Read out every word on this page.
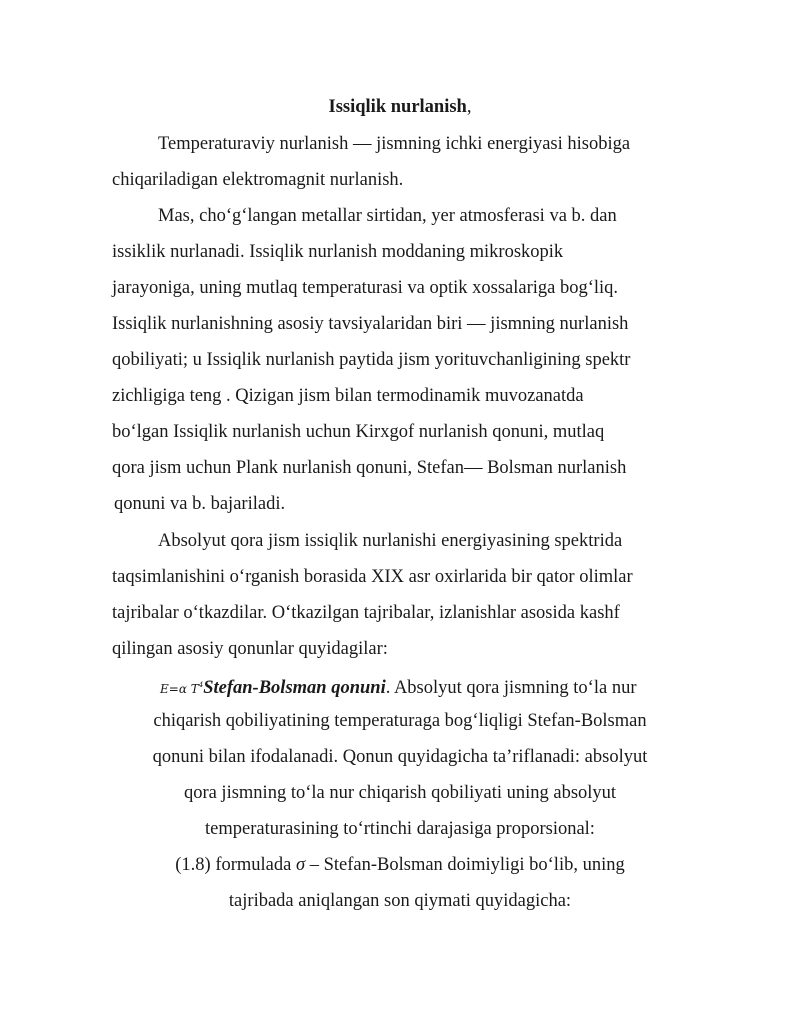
Issiqlik nurlanish,
Temperaturaviy nurlanish — jismning ichki energiyasi hisobiga
chiqariladigan elektromagnit nurlanish.
Mas, cho‘g‘langan metallar sirtidan, yer atmosferasi va b. dan
issiklik nurlanadi. Issiqlik nurlanish moddaning mikroskopik
jarayoniga, uning mutlaq temperaturasi va optik xossalariga bog‘liq.
Issiqlik nurlanishning asosiy tavsiyalaridan biri — jismning nurlanish
qobiliyati; u Issiqlik nurlanish paytida jism yorituvchanligining spektr
zichligiga teng . Qizigan jism bilan termodinamik muvozanatda
bo‘lgan Issiqlik nurlanish uchun Kirxgof nurlanish qonuni, mutlaq
qora jism uchun Plank nurlanish qonuni, Stefan— Bolsman nurlanish
qonuni va b. bajariladi.
Absolyut qora jism issiqlik nurlanishi energiyasining spektrida
taqsimlanishini o‘rganish borasida XIX asr oxirlarida bir qator olimlar
tajribalar o‘tkazdilar. O‘tkazilgan tajribalar, izlanishlar asosida kashf
qilingan asosiy qonunlar quyidagilar:
E=α $T^4Stefan$-Bolsman qonuni. Absolyut qora jismning to‘la nur
chiqarish qobiliyatining temperaturaga bog‘liqligi Stefan-Bolsman
qonuni bilan ifodalanadi. Qonun quyidagicha ta’riflanadi: absolyut
qora jismning to‘la nur chiqarish qobiliyati uning absolyut
temperaturasining to‘rtinchi darajasiga proporsional:
(1.8) formulada σ – Stefan-Bolsman doimiyligi bo‘lib, uning
tajribada aniqlangan son qiymati quyidagicha:
